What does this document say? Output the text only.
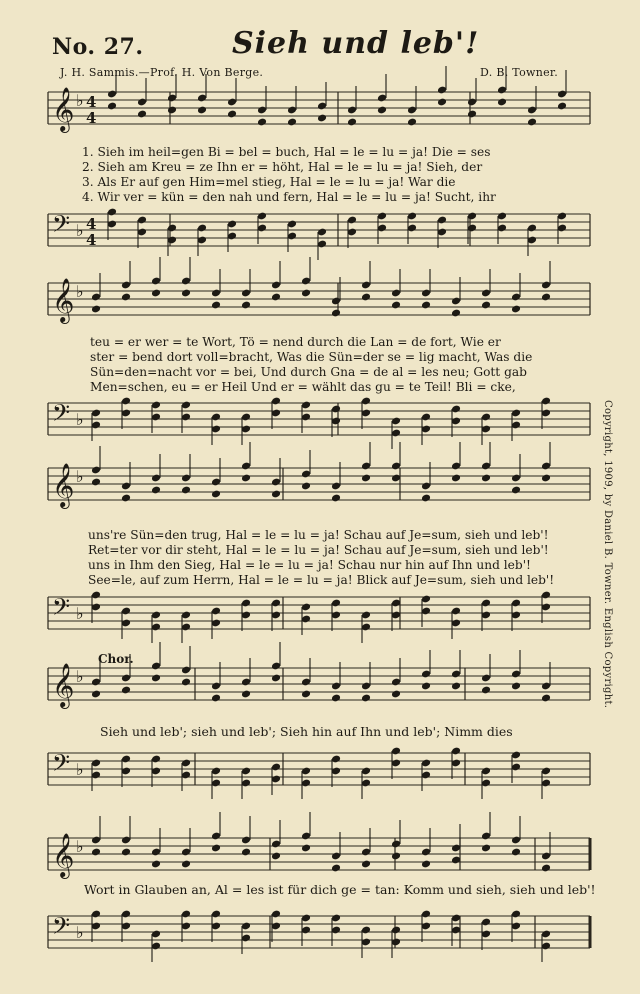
No. 27.	Sieh und leb'!
J. H. Sammis.—Prof. H. Von Berge.	D. B. Towner.
𝄞 ♭ 4
4
𝄢 ♭ 4
4
𝄞 ♭
𝄢 ♭
𝄞 ♭
𝄢 ♭
𝄞 ♭
𝄢 ♭
𝄞 ♭
𝄢 ♭
1. Sieh im heil=gen Bi = bel = buch, Hal = le = lu = ja! Die = ses
2. Sieh am Kreu = ze Ihn er = höht, Hal = le = lu = ja! Sieh, der
3. Als Er auf gen Him=mel stieg, Hal = le = lu = ja! War die
4. Wir ver = kün = den nah und fern, Hal = le = lu = ja! Sucht, ihr
teu = er wer = te Wort, Tö = nend durch die Lan = de fort, Wie er
ster = bend dort voll=bracht, Was die Sün=der se = lig macht, Was die
Sün=den=nacht vor = bei, Und durch Gna = de al = les neu; Gott gab
Men=schen, eu = er Heil Und er = wählt das gu = te Teil! Bli = cke,
uns're Sün=den trug, Hal = le = lu = ja! Schau auf Je=sum, sieh und leb'!
Ret=ter vor dir steht, Hal = le = lu = ja! Schau auf Je=sum, sieh und leb'!
uns in Ihm den Sieg, Hal = le = lu = ja! Schau nur hin auf Ihn und leb'!
See=le, auf zum Herrn, Hal = le = lu = ja! Blick auf Je=sum, sieh und leb'!
Chor.
Sieh und leb'; sieh und leb'; Sieh hin auf Ihn und leb'; Nimm dies
Wort in Glauben an, Al = les ist für dich ge = tan: Komm und sieh, sieh und leb'!
Copyright, 1909, by Daniel B. Towner. English Copyright.
